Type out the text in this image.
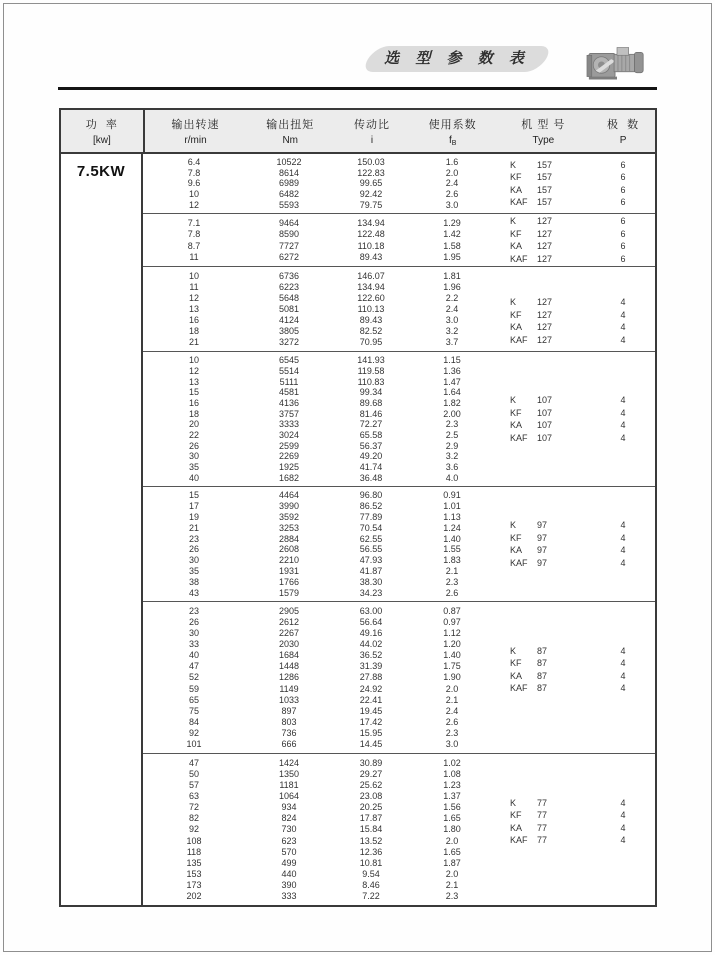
选 型 参 数 表
功  率
[kw]
输出转速
r/min
输出扭矩
Nm
传动比
i
使用系数
$f_B$
机 型 号
Type
极  数
P
7.5KW
6.4
7.8
9.6
10
12
10522
8614
6989
6482
5593
150.03
122.83
99.65
92.42
79.75
1.6
2.0
2.4
2.6
3.0
K 157
KF 157
KA 157
KAF 157
6
6
6
6
7.1
7.8
8.7
11
9464
8590
7727
6272
134.94
122.48
110.18
89.43
1.29
1.42
1.58
1.95
K 127
KF 127
KA 127
KAF 127
6
6
6
6
10
11
12
13
16
18
21
6736
6223
5648
5081
4124
3805
3272
146.07
134.94
122.60
110.13
89.43
82.52
70.95
1.81
1.96
2.2
2.4
3.0
3.2
3.7
K 127
KF 127
KA 127
KAF 127
4
4
4
4
10
12
13
15
16
18
20
22
26
30
35
40
6545
5514
5111
4581
4136
3757
3333
3024
2599
2269
1925
1682
141.93
119.58
110.83
99.34
89.68
81.46
72.27
65.58
56.37
49.20
41.74
36.48
1.15
1.36
1.47
1.64
1.82
2.00
2.3
2.5
2.9
3.2
3.6
4.0
K 107
KF 107
KA 107
KAF 107
4
4
4
4
15
17
19
21
23
26
30
35
38
43
4464
3990
3592
3253
2884
2608
2210
1931
1766
1579
96.80
86.52
77.89
70.54
62.55
56.55
47.93
41.87
38.30
34.23
0.91
1.01
1.13
1.24
1.40
1.55
1.83
2.1
2.3
2.6
K 97
KF 97
KA 97
KAF 97
4
4
4
4
23
26
30
33
40
47
52
59
65
75
84
92
101
2905
2612
2267
2030
1684
1448
1286
1149
1033
897
803
736
666
63.00
56.64
49.16
44.02
36.52
31.39
27.88
24.92
22.41
19.45
17.42
15.95
14.45
0.87
0.97
1.12
1.20
1.40
1.75
1.90
2.0
2.1
2.4
2.6
2.3
3.0
K 87
KF 87
KA 87
KAF 87
4
4
4
4
47
50
57
63
72
82
92
108
118
135
153
173
202
1424
1350
1181
1064
934
824
730
623
570
499
440
390
333
30.89
29.27
25.62
23.08
20.25
17.87
15.84
13.52
12.36
10.81
9.54
8.46
7.22
1.02
1.08
1.23
1.37
1.56
1.65
1.80
2.0
1.65
1.87
2.0
2.1
2.3
K 77
KF 77
KA 77
KAF 77
4
4
4
4
